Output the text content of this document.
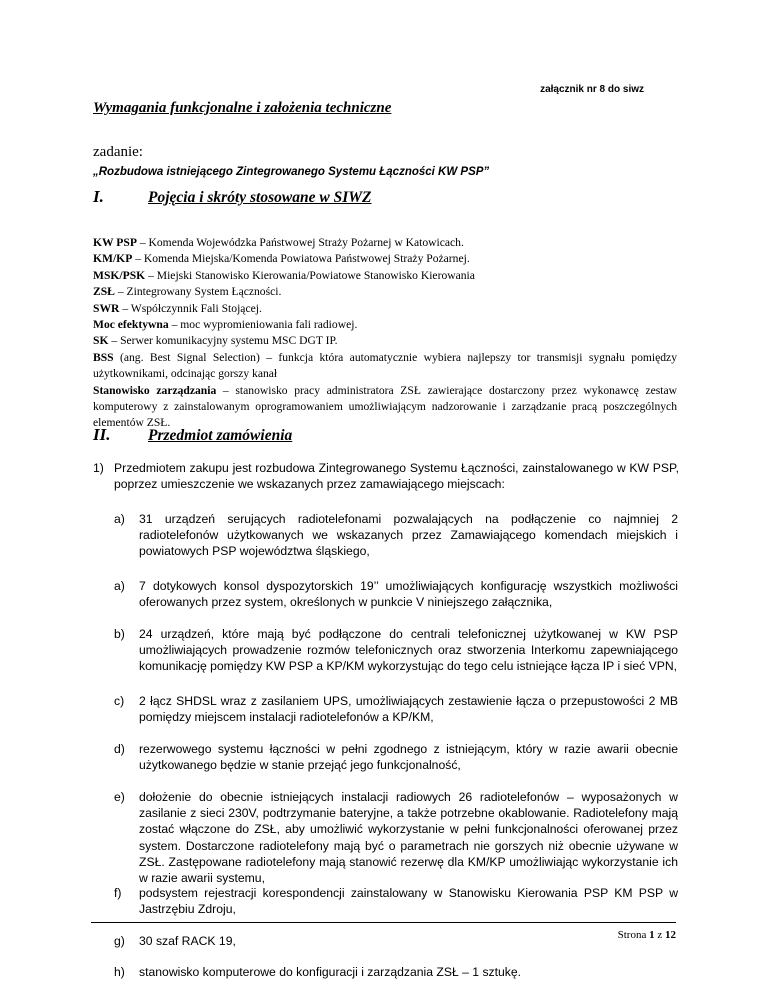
załącznik nr 8 do siwz
Wymagania funkcjonalne i założenia techniczne
zadanie:
„Rozbudowa istniejącego Zintegrowanego Systemu Łączności KW PSP”
I.	Pojęcia i skróty stosowane w SIWZ

KW PSP – Komenda Wojewódzka Państwowej Straży Pożarnej w Katowicach.

KM/KP – Komenda Miejska/Komenda Powiatowa Państwowej Straży Pożarnej.

MSK/PSK – Miejski Stanowisko Kierowania/Powiatowe Stanowisko Kierowania

ZSŁ – Zintegrowany System Łączności.

SWR – Współczynnik Fali Stojącej.

Moc efektywna – moc wypromieniowania fali radiowej.

SK – Serwer komunikacyjny systemu MSC DGT IP.

BSS (ang. Best Signal Selection) – funkcja która automatycznie wybiera najlepszy tor transmisji sygnału pomiędzy użytkownikami, odcinając gorszy kanał

Stanowisko zarządzania – stanowisko pracy administratora ZSŁ zawierające dostarczony przez wykonawcę zestaw komputerowy z zainstalowanym oprogramowaniem umożliwiającym nadzorowanie i zarządzanie pracą poszczególnych elementów ZSŁ.

II.	Przedmiot zamówienia
1) Przedmiotem zakupu jest rozbudowa Zintegrowanego Systemu Łączności, zainstalowanego w KW PSP, poprzez umieszczenie we wskazanych przez zamawiającego miejscach:
a) 31 urządzeń serujących radiotelefonami pozwalających na podłączenie co najmniej 2 radiotelefonów użytkowanych we wskazanych przez Zamawiającego komendach miejskich i powiatowych PSP województwa śląskiego,
a) 7 dotykowych konsol dyspozytorskich 19’’ umożliwiających konfigurację wszystkich możliwości oferowanych przez system, określonych w punkcie V niniejszego załącznika,
b) 24 urządzeń, które mają być podłączone do centrali telefonicznej użytkowanej w KW PSP umożliwiających prowadzenie rozmów telefonicznych oraz stworzenia Interkomu zapewniającego komunikację pomiędzy KW PSP a KP/KM wykorzystując do tego celu istniejące łącza IP i sieć VPN,
c) 2 łącz SHDSL wraz z zasilaniem UPS, umożliwiających zestawienie łącza o przepustowości 2 MB pomiędzy miejscem instalacji radiotelefonów a KP/KM,
d) rezerwowego systemu łączności w pełni zgodnego z istniejącym, który w razie awarii obecnie użytkowanego będzie w stanie przejąć jego funkcjonalność,
e) dołożenie do obecnie istniejących instalacji radiowych 26 radiotelefonów – wyposażonych w zasilanie z sieci 230V, podtrzymanie bateryjne, a także potrzebne okablowanie. Radiotelefony mają zostać włączone do ZSŁ, aby umożliwić wykorzystanie w pełni funkcjonalności oferowanej przez system. Dostarczone radiotelefony mają być o parametrach nie gorszych niż obecnie używane w ZSŁ. Zastępowane radiotelefony mają stanowić rezerwę dla KM/KP umożliwiając wykorzystanie ich w razie awarii systemu,
f) podsystem rejestracji korespondencji zainstalowany w Stanowisku Kierowania PSP KM PSP w Jastrzębiu Zdroju,
g) 30 szaf RACK 19,
h) stanowisko komputerowe do konfiguracji i zarządzania ZSŁ – 1 sztukę.
Strona 1 z 12
